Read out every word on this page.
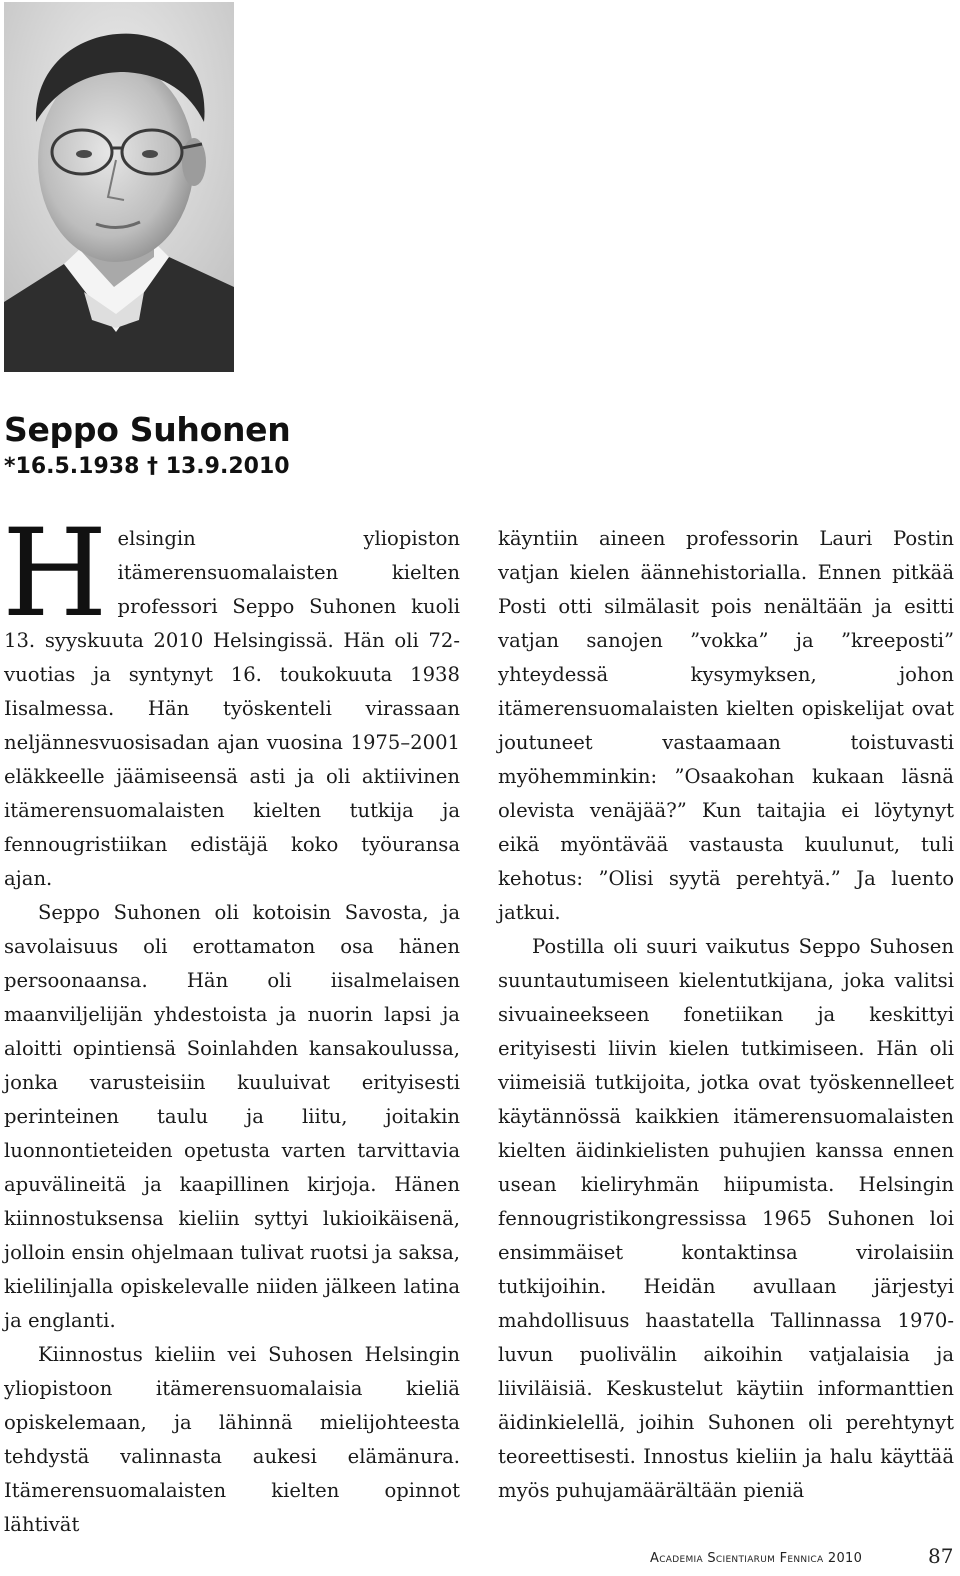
Seppo Suhonen
*16.5.1938 † 13.9.2010

Helsingin yliopiston itämerensuomalaisten kielten professori Seppo Suhonen kuoli 13. syyskuuta 2010 Helsingissä. Hän oli 72-vuotias ja syntynyt 16. toukokuuta 1938 Iisalmessa. Hän työskenteli virassaan neljännesvuosisadan ajan vuosina 1975–2001 eläkkeelle jäämiseensä asti ja oli aktiivinen itämerensuomalaisten kielten tutkija ja fennougristiikan edistäjä koko työuransa ajan.

Seppo Suhonen oli kotoisin Savosta, ja savolaisuus oli erottamaton osa hänen persoonaansa. Hän oli iisalmelaisen maanviljelijän yhdestoista ja nuorin lapsi ja aloitti opintiensä Soinlahden kansakoulussa, jonka varusteisiin kuuluivat erityisesti perinteinen taulu ja liitu, joitakin luonnontieteiden opetusta varten tarvittavia apuvälineitä ja kaapillinen kirjoja. Hänen kiinnostuksensa kieliin syttyi lukioikäisenä, jolloin ensin ohjelmaan tulivat ruotsi ja saksa, kielilinjalla opiskelevalle niiden jälkeen latina ja englanti.

Kiinnostus kieliin vei Suhosen Helsingin yliopistoon itämerensuomalaisia kieliä opiskelemaan, ja lähinnä mielijohteesta tehdystä valinnasta aukesi elämänura. Itämerensuomalaisten kielten opinnot lähtivät

käyntiin aineen professorin Lauri Postin vatjan kielen äännehistorialla. Ennen pitkää Posti otti silmälasit pois nenältään ja esitti vatjan sanojen ”vokka” ja ”kreeposti” yhteydessä kysymyksen, johon itämerensuomalaisten kielten opiskelijat ovat joutuneet vastaamaan toistuvasti myöhemminkin: ”Osaakohan kukaan läsnä olevista venäjää?” Kun taitajia ei löytynyt eikä myöntävää vastausta kuulunut, tuli kehotus: ”Olisi syytä perehtyä.” Ja luento jatkui.

Postilla oli suuri vaikutus Seppo Suhosen suuntautumiseen kielentutkijana, joka valitsi sivuaineekseen fonetiikan ja keskittyi erityisesti liivin kielen tutkimiseen. Hän oli viimeisiä tutkijoita, jotka ovat työskennelleet käytännössä kaikkien itämerensuomalaisten kielten äidinkielisten puhujien kanssa ennen usean kieliryhmän hiipumista. Helsingin fennougristikongressissa 1965 Suhonen loi ensimmäiset kontaktinsa virolaisiin tutkijoihin. Heidän avullaan järjestyi mahdollisuus haastatella Tallinnassa 1970-luvun puolivälin aikoihin vatjalaisia ja liiviläisiä. Keskustelut käytiin informanttien äidinkielellä, joihin Suhonen oli perehtynyt teoreettisesti. Innostus kieliin ja halu käyttää myös puhujamäärältään pieniä

Academia Scientiarum Fennica 2010	87
